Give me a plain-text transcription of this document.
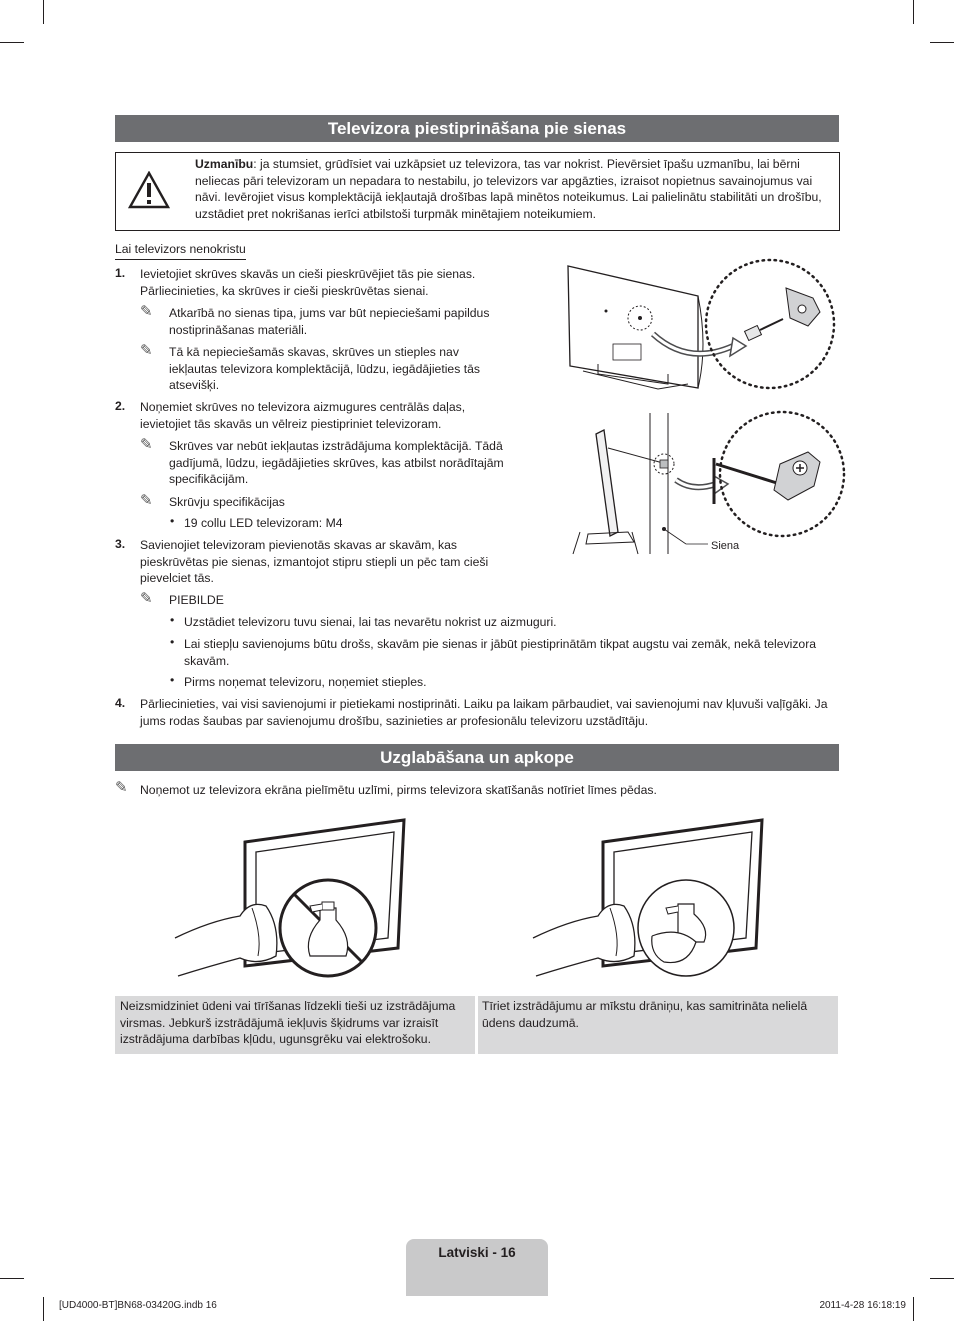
Televizora piestiprināšana pie sienas
Uzmanību: ja stumsiet, grūdīsiet vai uzkāpsiet uz televizora, tas var nokrist. Pievērsiet īpašu uzmanību, lai bērni neliecas pāri televizoram un nepadara to nestabilu, jo televizors var apgāzties, izraisot nopietnus savainojumus vai nāvi. Ievērojiet visus komplektācijā iekļautajā drošības lapā minētos noteikumus. Lai palielinātu stabilitāti un drošību, uzstādiet pret nokrišanas ierīci atbilstoši turpmāk minētajiem noteikumiem.
Lai televizors nenokristu
1. Ievietojiet skrūves skavās un cieši pieskrūvējiet tās pie sienas. Pārliecinieties, ka skrūves ir cieši pieskrūvētas sienai.
✎ Atkarībā no sienas tipa, jums var būt nepieciešami papildus nostiprināšanas materiāli.
✎ Tā kā nepieciešamās skavas, skrūves un stieples nav iekļautas televizora komplektācijā, lūdzu, iegādājieties tās atsevišķi.
2. Noņemiet skrūves no televizora aizmugures centrālās daļas, ievietojiet tās skavās un vēlreiz piestipriniet televizoram.
✎ Skrūves var nebūt iekļautas izstrādājuma komplektācijā. Tādā gadījumā, lūdzu, iegādājieties skrūves, kas atbilst norādītajām specifikācijām.
✎ Skrūvju specifikācijas
• 19 collu LED televizoram: M4
3. Savienojiet televizoram pievienotās skavas ar skavām, kas pieskrūvētas pie sienas, izmantojot stipru stiepli un pēc tam cieši pievelciet tās.
✎ PIEBILDE
• Uzstādiet televizoru tuvu sienai, lai tas nevarētu nokrist uz aizmuguri.
• Lai stiepļu savienojums būtu drošs, skavām pie sienas ir jābūt piestiprinātām tikpat augstu vai zemāk, nekā televizora skavām.
• Pirms noņemat televizoru, noņemiet stieples.
4. Pārliecinieties, vai visi savienojumi ir pietiekami nostiprināti. Laiku pa laikam pārbaudiet, vai savienojumi nav kļuvuši vaļīgāki. Ja jums rodas šaubas par savienojumu drošību, sazinieties ar profesionālu televizoru uzstādītāju.
Siena
Uzglabāšana un apkope
✎ Noņemot uz televizora ekrāna pielīmētu uzlīmi, pirms televizora skatīšanās notīriet līmes pēdas.
Neizsmidziniet ūdeni vai tīrīšanas līdzekli tieši uz izstrādājuma virsmas. Jebkurš izstrādājumā iekļuvis šķidrums var izraisīt izstrādājuma darbības kļūdu, ugunsgrēku vai elektrošoku.
Tīriet izstrādājumu ar mīkstu drāniņu, kas samitrināta nelielā ūdens daudzumā.
Latviski - 16
[UD4000-BT]BN68-03420G.indb 16	2011-4-28 16:18:19
